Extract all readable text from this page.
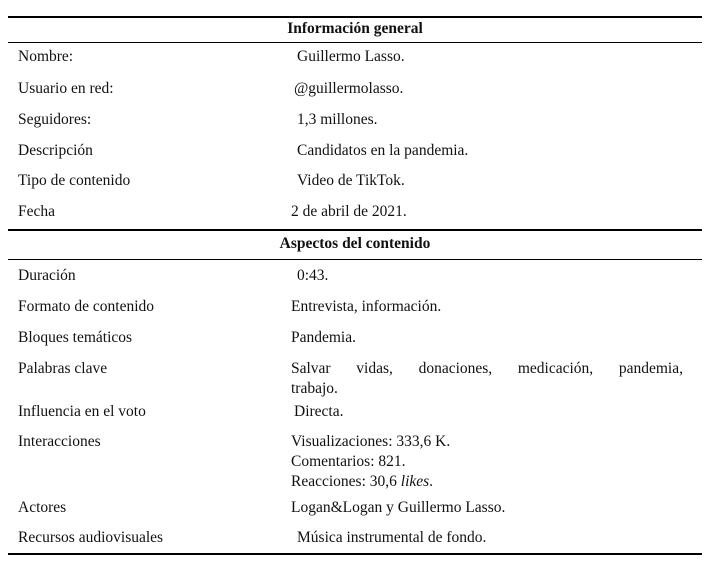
Información general
Nombre:	Guillermo Lasso.
Usuario en red:	@guillermolasso.
Seguidores:	1,3 millones.
Descripción	Candidatos en la pandemia.
Tipo de contenido	Video de TikTok.
Fecha	2 de abril de 2021.
Aspectos del contenido
Duración	0:43.
Formato de contenido	Entrevista, información.
Bloques temáticos	Pandemia.
Palabras clave	Salvar vidas, donaciones, medicación, pandemia,
trabajo.
Influencia en el voto	Directa.
Interacciones	Visualizaciones: 333,6 K.
Comentarios: 821.
Reacciones: 30,6 likes.
Actores	Logan&Logan y Guillermo Lasso.
Recursos audiovisuales	Música instrumental de fondo.
